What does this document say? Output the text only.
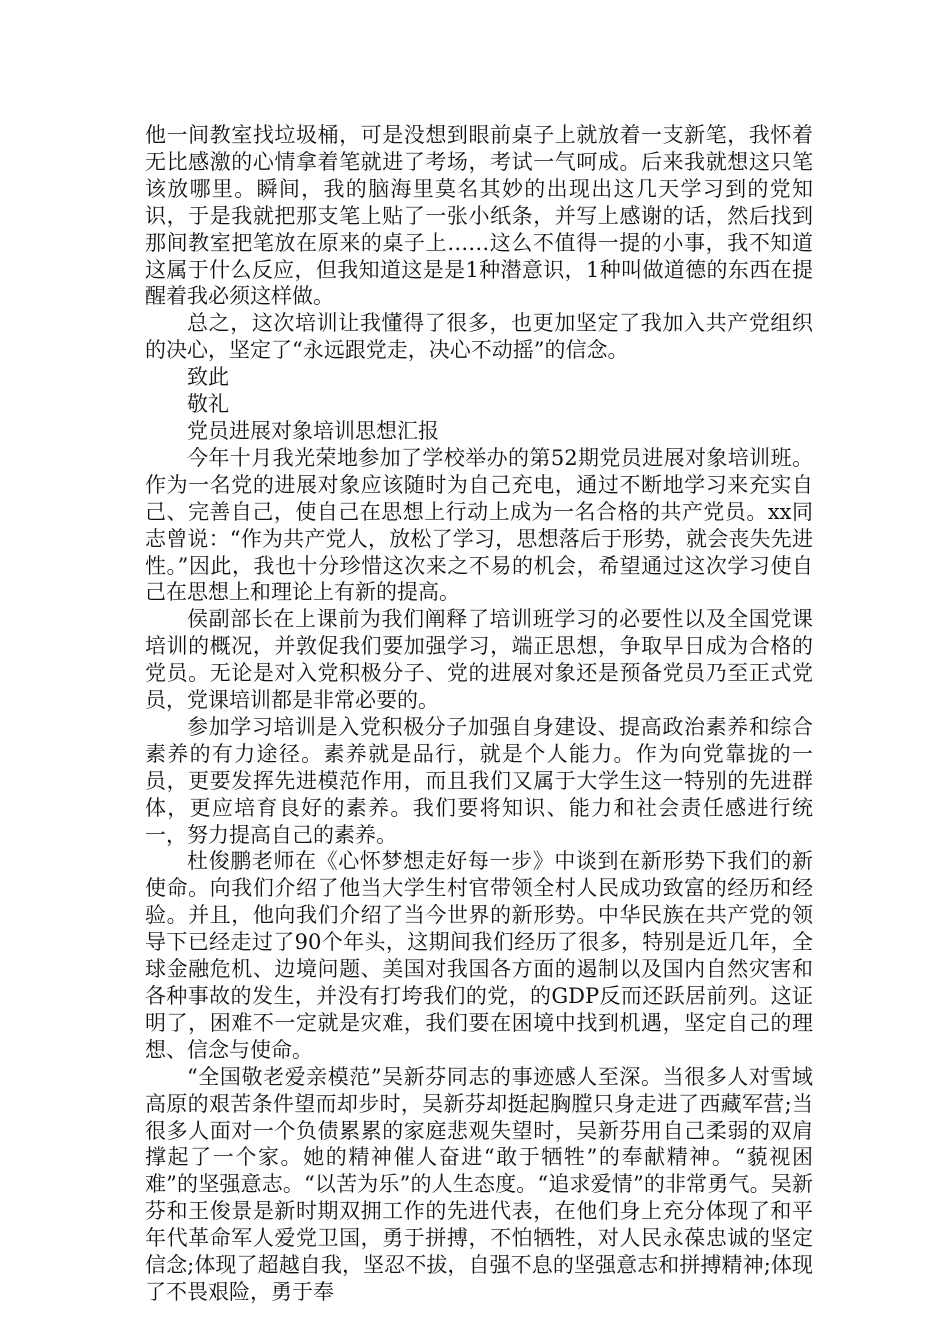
他一间教室找垃圾桶，可是没想到眼前桌子上就放着一支新笔，我怀着无比感激的心情拿着笔就进了考场，考试一气呵成。后来我就想这只笔该放哪里。瞬间，我的脑海里莫名其妙的出现出这几天学习到的党知识，于是我就把那支笔上贴了一张小纸条，并写上感谢的话，然后找到那间教室把笔放在原来的桌子上……这么不值得一提的小事，我不知道这属于什么反应，但我知道这是是1种潜意识，1种叫做道德的东西在提醒着我必须这样做。

总之，这次培训让我懂得了很多，也更加坚定了我加入共产党组织的决心，坚定了“永远跟党走，决心不动摇”的信念。

致此

敬礼

党员进展对象培训思想汇报

今年十月我光荣地参加了学校举办的第52期党员进展对象培训班。作为一名党的进展对象应该随时为自己充电，通过不断地学习来充实自己、完善自己，使自己在思想上行动上成为一名合格的共产党员。xx同志曾说：“作为共产党人，放松了学习，思想落后于形势，就会丧失先进性。”因此，我也十分珍惜这次来之不易的机会，希望通过这次学习使自己在思想上和理论上有新的提高。

侯副部长在上课前为我们阐释了培训班学习的必要性以及全国党课培训的概况，并敦促我们要加强学习，端正思想，争取早日成为合格的党员。无论是对入党积极分子、党的进展对象还是预备党员乃至正式党员，党课培训都是非常必要的。

参加学习培训是入党积极分子加强自身建设、提高政治素养和综合素养的有力途径。素养就是品行，就是个人能力。作为向党靠拢的一员，更要发挥先进模范作用，而且我们又属于大学生这一特别的先进群体，更应培育良好的素养。我们要将知识、能力和社会责任感进行统一，努力提高自己的素养。

杜俊鹏老师在《心怀梦想走好每一步》中谈到在新形势下我们的新使命。向我们介绍了他当大学生村官带领全村人民成功致富的经历和经验。并且，他向我们介绍了当今世界的新形势。中华民族在共产党的领导下已经走过了90个年头，这期间我们经历了很多，特别是近几年，全球金融危机、边境问题、美国对我国各方面的遏制以及国内自然灾害和各种事故的发生，并没有打垮我们的党，的GDP反而还跃居前列。这证明了，困难不一定就是灾难，我们要在困境中找到机遇，坚定自己的理想、信念与使命。

“全国敬老爱亲模范”吴新芬同志的事迹感人至深。当很多人对雪域高原的艰苦条件望而却步时，吴新芬却挺起胸膛只身走进了西藏军营;当很多人面对一个负债累累的家庭悲观失望时，吴新芬用自己柔弱的双肩撑起了一个家。她的精神催人奋进“敢于牺牲”的奉献精神。“藐视困难”的坚强意志。“以苦为乐”的人生态度。“追求爱情”的非常勇气。吴新芬和王俊景是新时期双拥工作的先进代表，在他们身上充分体现了和平年代革命军人爱党卫国，勇于拼搏，不怕牺牲，对人民永葆忠诚的坚定信念;体现了超越自我，坚忍不拔，自强不息的坚强意志和拼搏精神;体现了不畏艰险，勇于奉
